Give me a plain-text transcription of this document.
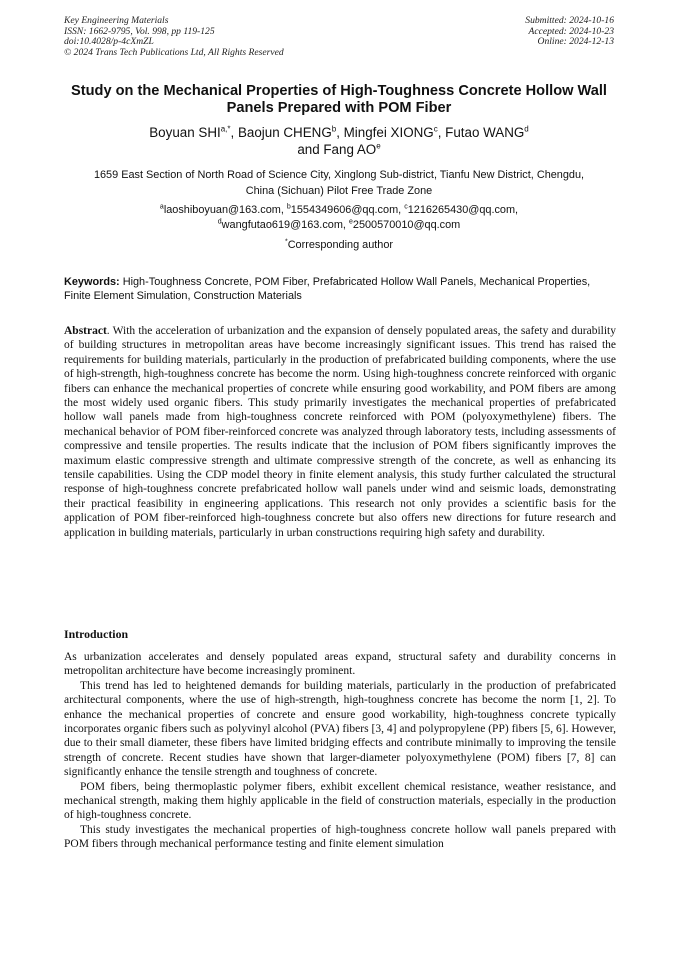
Key Engineering Materials
ISSN: 1662-9795, Vol. 998, pp 119-125
doi:10.4028/p-4cXmZL
© 2024 Trans Tech Publications Ltd, All Rights Reserved
Submitted: 2024-10-16
Accepted: 2024-10-23
Online: 2024-12-13
Study on the Mechanical Properties of High-Toughness Concrete Hollow Wall Panels Prepared with POM Fiber
Boyuan $SHI^{a,*}$, Baojun CHENG$^b$, Mingfei XIONG$^c$, Futao WANG$^d$
and Fang $AO^e$
1659 East Section of North Road of Science City, Xinglong Sub-district, Tianfu New District, Chengdu, China (Sichuan) Pilot Free Trade Zone
$^a$laoshiboyuan@163.com, $^b$1554349606@qq.com, $^c$1216265430@qq.com,
$^d$wangfutao619@163.com, $^e$2500570010@qq.com
*Corresponding author
Keywords: High-Toughness Concrete, POM Fiber, Prefabricated Hollow Wall Panels, Mechanical Properties, Finite Element Simulation, Construction Materials
Abstract. With the acceleration of urbanization and the expansion of densely populated areas, the safety and durability of building structures in metropolitan areas have become increasingly significant issues. This trend has raised the requirements for building materials, particularly in the production of prefabricated building components, where the use of high-strength, high-toughness concrete has become the norm. Using high-toughness concrete reinforced with organic fibers can enhance the mechanical properties of concrete while ensuring good workability, and POM fibers are among the most widely used organic fibers. This study primarily investigates the mechanical properties of prefabricated hollow wall panels made from high-toughness concrete reinforced with POM (polyoxymethylene) fibers. The mechanical behavior of POM fiber-reinforced concrete was analyzed through laboratory tests, including assessments of compressive and tensile properties. The results indicate that the inclusion of POM fibers significantly improves the maximum elastic compressive strength and ultimate compressive strength of the concrete, as well as enhancing its tensile capabilities. Using the CDP model theory in finite element analysis, this study further calculated the structural response of high-toughness concrete prefabricated hollow wall panels under wind and seismic loads, demonstrating their practical feasibility in engineering applications. This research not only provides a scientific basis for the application of POM fiber-reinforced high-toughness concrete but also offers new directions for future research and application in building materials, particularly in urban constructions requiring high safety and durability.
Introduction

As urbanization accelerates and densely populated areas expand, structural safety and durability concerns in metropolitan architecture have become increasingly prominent.

This trend has led to heightened demands for building materials, particularly in the production of prefabricated architectural components, where the use of high-strength, high-toughness concrete has become the norm [1, 2]. To enhance the mechanical properties of concrete and ensure good workability, high-toughness concrete typically incorporates organic fibers such as polyvinyl alcohol (PVA) fibers [3, 4] and polypropylene (PP) fibers [5, 6]. However, due to their small diameter, these fibers have limited bridging effects and contribute minimally to improving the tensile strength of concrete. Recent studies have shown that larger-diameter polyoxymethylene (POM) fibers [7, 8] can significantly enhance the tensile strength and toughness of concrete.

POM fibers, being thermoplastic polymer fibers, exhibit excellent chemical resistance, weather resistance, and mechanical strength, making them highly applicable in the field of construction materials, especially in the production of high-toughness concrete.

This study investigates the mechanical properties of high-toughness concrete hollow wall panels prepared with POM fibers through mechanical performance testing and finite element simulation
